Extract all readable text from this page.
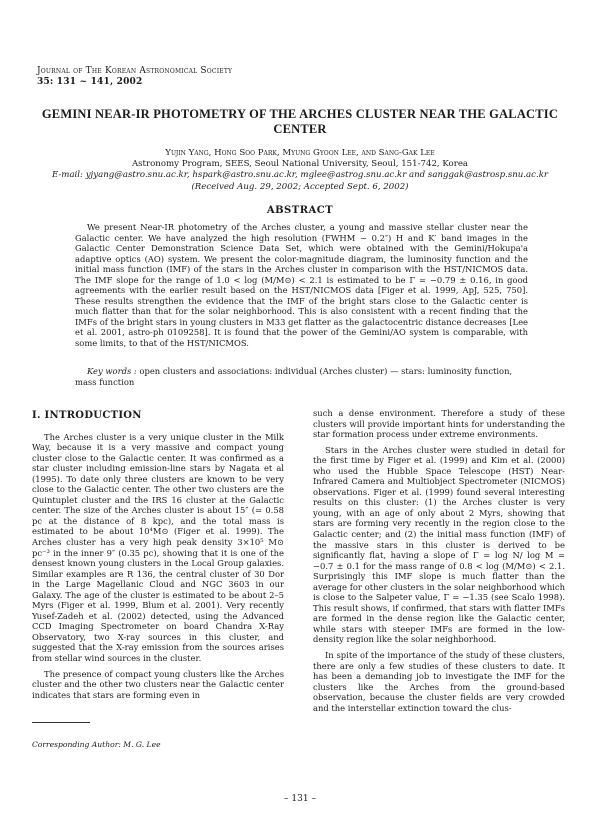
Journal of The Korean Astronomical Society
35: 131 ~ 141, 2002
GEMINI NEAR-IR PHOTOMETRY OF THE ARCHES CLUSTER NEAR THE GALACTIC CENTER
Yujin Yang, Hong Soo Park, Myung Gyoon Lee, and Sang-Gak Lee
Astronomy Program, SEES, Seoul National University, Seoul, 151-742, Korea
E-mail: yjyang@astro.snu.ac.kr, hspark@astro.snu.ac.kr, mglee@astrog.snu.ac.kr and sanggak@astrosp.snu.ac.kr
(Received Aug. 29, 2002; Accepted Sept. 6, 2002)
ABSTRACT
We present Near-IR photometry of the Arches cluster, a young and massive stellar cluster near the Galactic center. We have analyzed the high resolution (FWHM ~ 0.2″) H and K′ band images in the Galactic Center Demonstration Science Data Set, which were obtained with the Gemini/Hokupa'a adaptive optics (AO) system. We present the color-magnitude diagram, the luminosity function and the initial mass function (IMF) of the stars in the Arches cluster in comparison with the HST/NICMOS data. The IMF slope for the range of 1.0 < log (M/M⊙) < 2.1 is estimated to be Γ = −0.79 ± 0.16, in good agreements with the earlier result based on the HST/NICMOS data [Figer et al. 1999, ApJ, 525, 750]. These results strengthen the evidence that the IMF of the bright stars close to the Galactic center is much flatter than that for the solar neighborhood. This is also consistent with a recent finding that the IMFs of the bright stars in young clusters in M33 get flatter as the galactocentric distance decreases [Lee et al. 2001, astro-ph 0109258]. It is found that the power of the Gemini/AO system is comparable, with some limits, to that of the HST/NICMOS.
Key words : open clusters and associations: individual (Arches cluster) — stars: luminosity function, mass function
I. INTRODUCTION

The Arches cluster is a very unique cluster in the Milk Way, because it is a very massive and compact young cluster close to the Galactic center. It was confirmed as a star cluster including emission-line stars by Nagata et al (1995). To date only three clusters are known to be very close to the Galactic center. The other two clusters are the Quintuplet cluster and the IRS 16 cluster at the Galactic center. The size of the Arches cluster is about 15″ (= 0.58 pc at the distance of 8 kpc), and the total mass is estimated to be about 10⁴M⊙ (Figer et al. 1999). The Arches cluster has a very high peak density 3×10⁵ M⊙ pc⁻³ in the inner 9″ (0.35 pc), showing that it is one of the densest known young clusters in the Local Group galaxies. Similar examples are R 136, the central cluster of 30 Dor in the Large Magellanic Cloud and NGC 3603 in our Galaxy. The age of the cluster is estimated to be about 2–5 Myrs (Figer et al. 1999, Blum et al. 2001). Very recently Yusef-Zadeh et al. (2002) detected, using the Advanced CCD Imaging Spectrometer on board Chandra X-Ray Observatory, two X-ray sources in this cluster, and suggested that the X-ray emission from the sources arises from stellar wind sources in the cluster.

The presence of compact young clusters like the Arches cluster and the other two clusters near the Galactic center indicates that stars are forming even in

such a dense environment. Therefore a study of these clusters will provide important hints for understanding the star formation process under extreme environments.

Stars in the Arches cluster were studied in detail for the first time by Figer et al. (1999) and Kim et al. (2000) who used the Hubble Space Telescope (HST) Near-Infrared Camera and Multiobject Spectrometer (NICMOS) observations. Figer et al. (1999) found several interesting results on this cluster: (1) the Arches cluster is very young, with an age of only about 2 Myrs, showing that stars are forming very recently in the region close to the Galactic center; and (2) the initial mass function (IMF) of the massive stars in this cluster is derived to be significantly flat, having a slope of Γ = log N/ log M = −0.7 ± 0.1 for the mass range of 0.8 < log (M/M⊙) < 2.1. Surprisingly this IMF slope is much flatter than the average for other clusters in the solar neighborhood which is close to the Salpeter value, Γ = −1.35 (see Scalo 1998). This result shows, if confirmed, that stars with flatter IMFs are formed in the dense region like the Galactic center, while stars with steeper IMFs are formed in the low-density region like the solar neighborhood.

In spite of the importance of the study of these clusters, there are only a few studies of these clusters to date. It has been a demanding job to investigate the IMF for the clusters like the Arches from the ground-based observation, because the cluster fields are very crowded and the interstellar extinction toward the clus-

Corresponding Author: M. G. Lee
– 131 –
